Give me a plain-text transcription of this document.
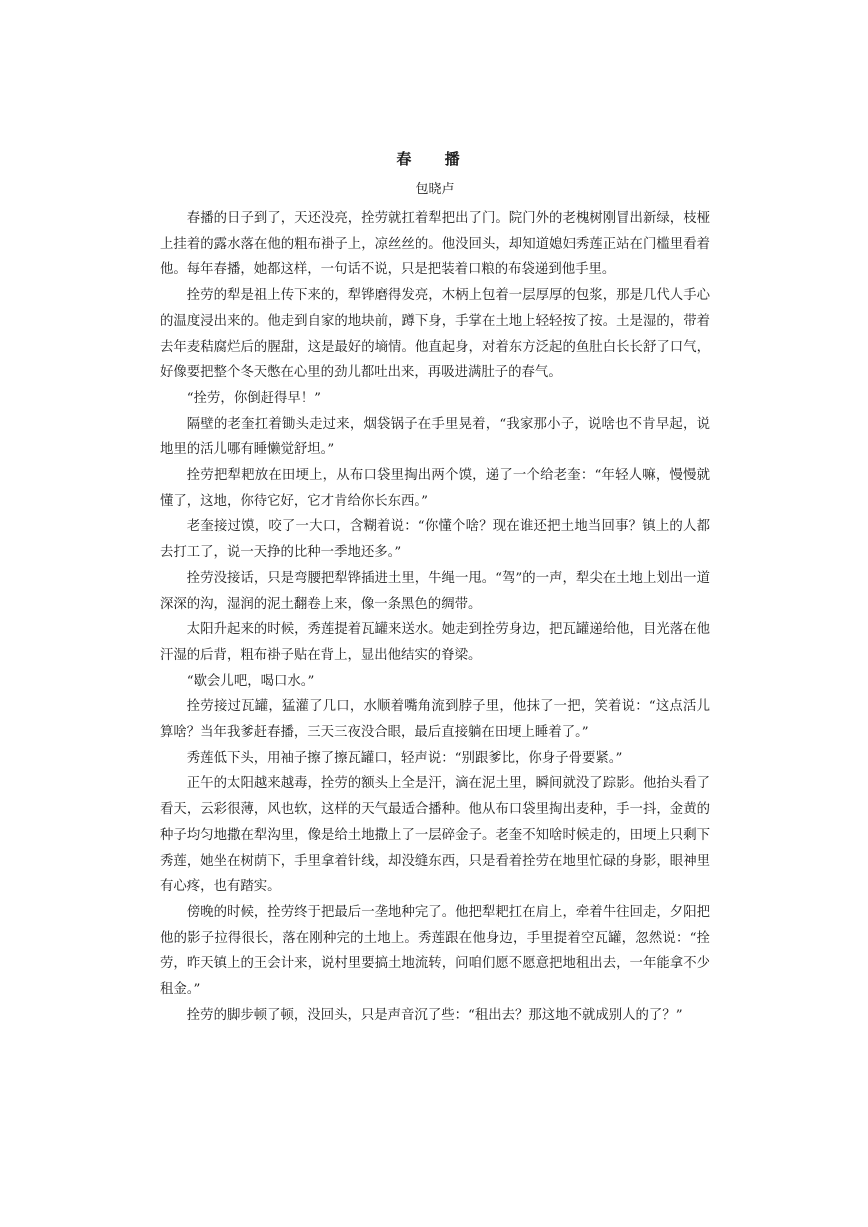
春 播
包晓卢

春播的日子到了，天还没亮，拴劳就扛着犁把出了门。院门外的老槐树刚冒出新绿，枝桠上挂着的露水落在他的粗布褂子上，凉丝丝的。他没回头，却知道媳妇秀莲正站在门槛里看着他。每年春播，她都这样，一句话不说，只是把装着口粮的布袋递到他手里。

拴劳的犁是祖上传下来的，犁铧磨得发亮，木柄上包着一层厚厚的包浆，那是几代人手心的温度浸出来的。他走到自家的地块前，蹲下身，手掌在土地上轻轻按了按。土是湿的，带着去年麦秸腐烂后的腥甜，这是最好的墒情。他直起身，对着东方泛起的鱼肚白长长舒了口气，好像要把整个冬天憋在心里的劲儿都吐出来，再吸进满肚子的春气。

“拴劳，你倒赶得早！”

隔壁的老奎扛着锄头走过来，烟袋锅子在手里晃着，“我家那小子，说啥也不肯早起，说地里的活儿哪有睡懒觉舒坦。”

拴劳把犁耙放在田埂上，从布口袋里掏出两个馍，递了一个给老奎：“年轻人嘛，慢慢就懂了，这地，你待它好，它才肯给你长东西。”

老奎接过馍，咬了一大口，含糊着说：“你懂个啥？现在谁还把土地当回事？镇上的人都去打工了，说一天挣的比种一季地还多。”

拴劳没接话，只是弯腰把犁铧插进土里，牛绳一甩。“驾”的一声，犁尖在土地上划出一道深深的沟，湿润的泥土翻卷上来，像一条黑色的绸带。

太阳升起来的时候，秀莲提着瓦罐来送水。她走到拴劳身边，把瓦罐递给他，目光落在他汗湿的后背，粗布褂子贴在背上，显出他结实的脊梁。

“歇会儿吧，喝口水。”

拴劳接过瓦罐，猛灌了几口，水顺着嘴角流到脖子里，他抹了一把，笑着说：“这点活儿算啥？当年我爹赶春播，三天三夜没合眼，最后直接躺在田埂上睡着了。”

秀莲低下头，用袖子擦了擦瓦罐口，轻声说：“别跟爹比，你身子骨要紧。”

正午的太阳越来越毒，拴劳的额头上全是汗，滴在泥土里，瞬间就没了踪影。他抬头看了看天，云彩很薄，风也软，这样的天气最适合播种。他从布口袋里掏出麦种，手一抖，金黄的种子均匀地撒在犁沟里，像是给土地撒上了一层碎金子。老奎不知啥时候走的，田埂上只剩下秀莲，她坐在树荫下，手里拿着针线，却没缝东西，只是看着拴劳在地里忙碌的身影，眼神里有心疼，也有踏实。

傍晚的时候，拴劳终于把最后一垄地种完了。他把犁耙扛在肩上，牵着牛往回走，夕阳把他的影子拉得很长，落在刚种完的土地上。秀莲跟在他身边，手里提着空瓦罐，忽然说：“拴劳，昨天镇上的王会计来，说村里要搞土地流转，问咱们愿不愿意把地租出去，一年能拿不少租金。”

拴劳的脚步顿了顿，没回头，只是声音沉了些：“租出去？那这地不就成别人的了？”
